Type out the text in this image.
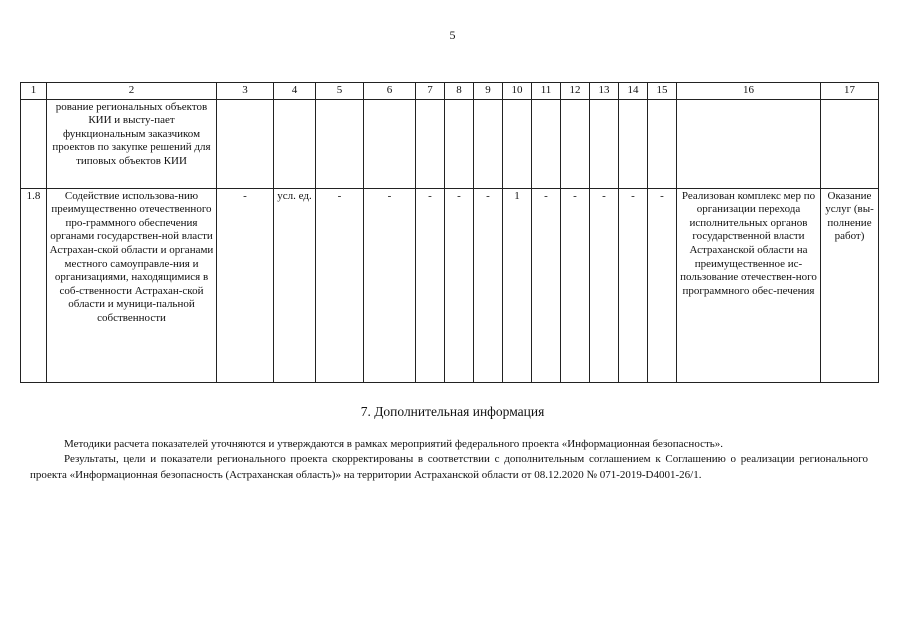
5
1	2	3	4	5	6	7	8	9	10	11	12	13	14	15	16	17
	рование региональных объектов КИИ и высту-пает функциональным заказчиком проектов по закупке решений для типовых объектов КИИ															
1.8	Содействие использова-нию преимущественно отечественного про-граммного обеспечения органами государствен-ной власти Астрахан-ской области и органами местного самоуправле-ния и организациями, находящимися в соб-ственности Астрахан-ской области и муници-пальной собственности	-	усл. ед.	-	-	-	-	-	1	-	-	-	-	-	Реализован комплекс мер по организации перехода исполнительных органов государственной власти Астраханской области на преимущественное ис-пользование отечествен-ного программного обес-печения	Оказание услуг (вы-полнение работ)
7. Дополнительная информация
Методики расчета показателей уточняются и утверждаются в рамках мероприятий федерального проекта «Информационная безопасность».
Результаты, цели и показатели регионального проекта скорректированы в соответствии с дополнительным соглашением к Соглашению о реализации регионального проекта «Информационная безопасность (Астраханская область)» на территории Астраханской области от 08.12.2020 № 071-2019-D4001-26/1.
